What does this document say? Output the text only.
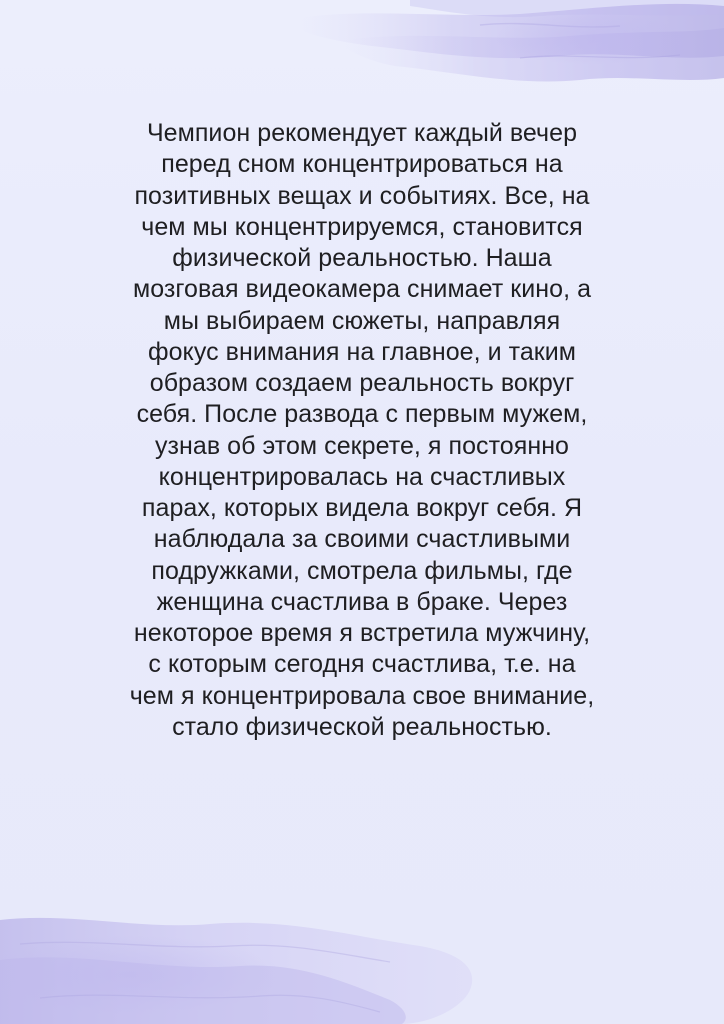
Чемпион рекомендует каждый вечер
перед сном концентрироваться на
позитивных вещах и событиях. Все, на
чем мы концентрируемся, становится
физической реальностью. Наша
мозговая видеокамера снимает кино, а
мы выбираем сюжеты, направляя
фокус внимания на главное, и таким
образом создаем реальность вокруг
себя. После развода с первым мужем,
узнав об этом секрете, я постоянно
концентрировалась на счастливых
парах, которых видела вокруг себя. Я
наблюдала за своими счастливыми
подружками, смотрела фильмы, где
женщина счастлива в браке. Через
некоторое время я встретила мужчину,
с которым сегодня счастлива, т.е. на
чем я концентрировала свое внимание,
стало физической реальностью.
